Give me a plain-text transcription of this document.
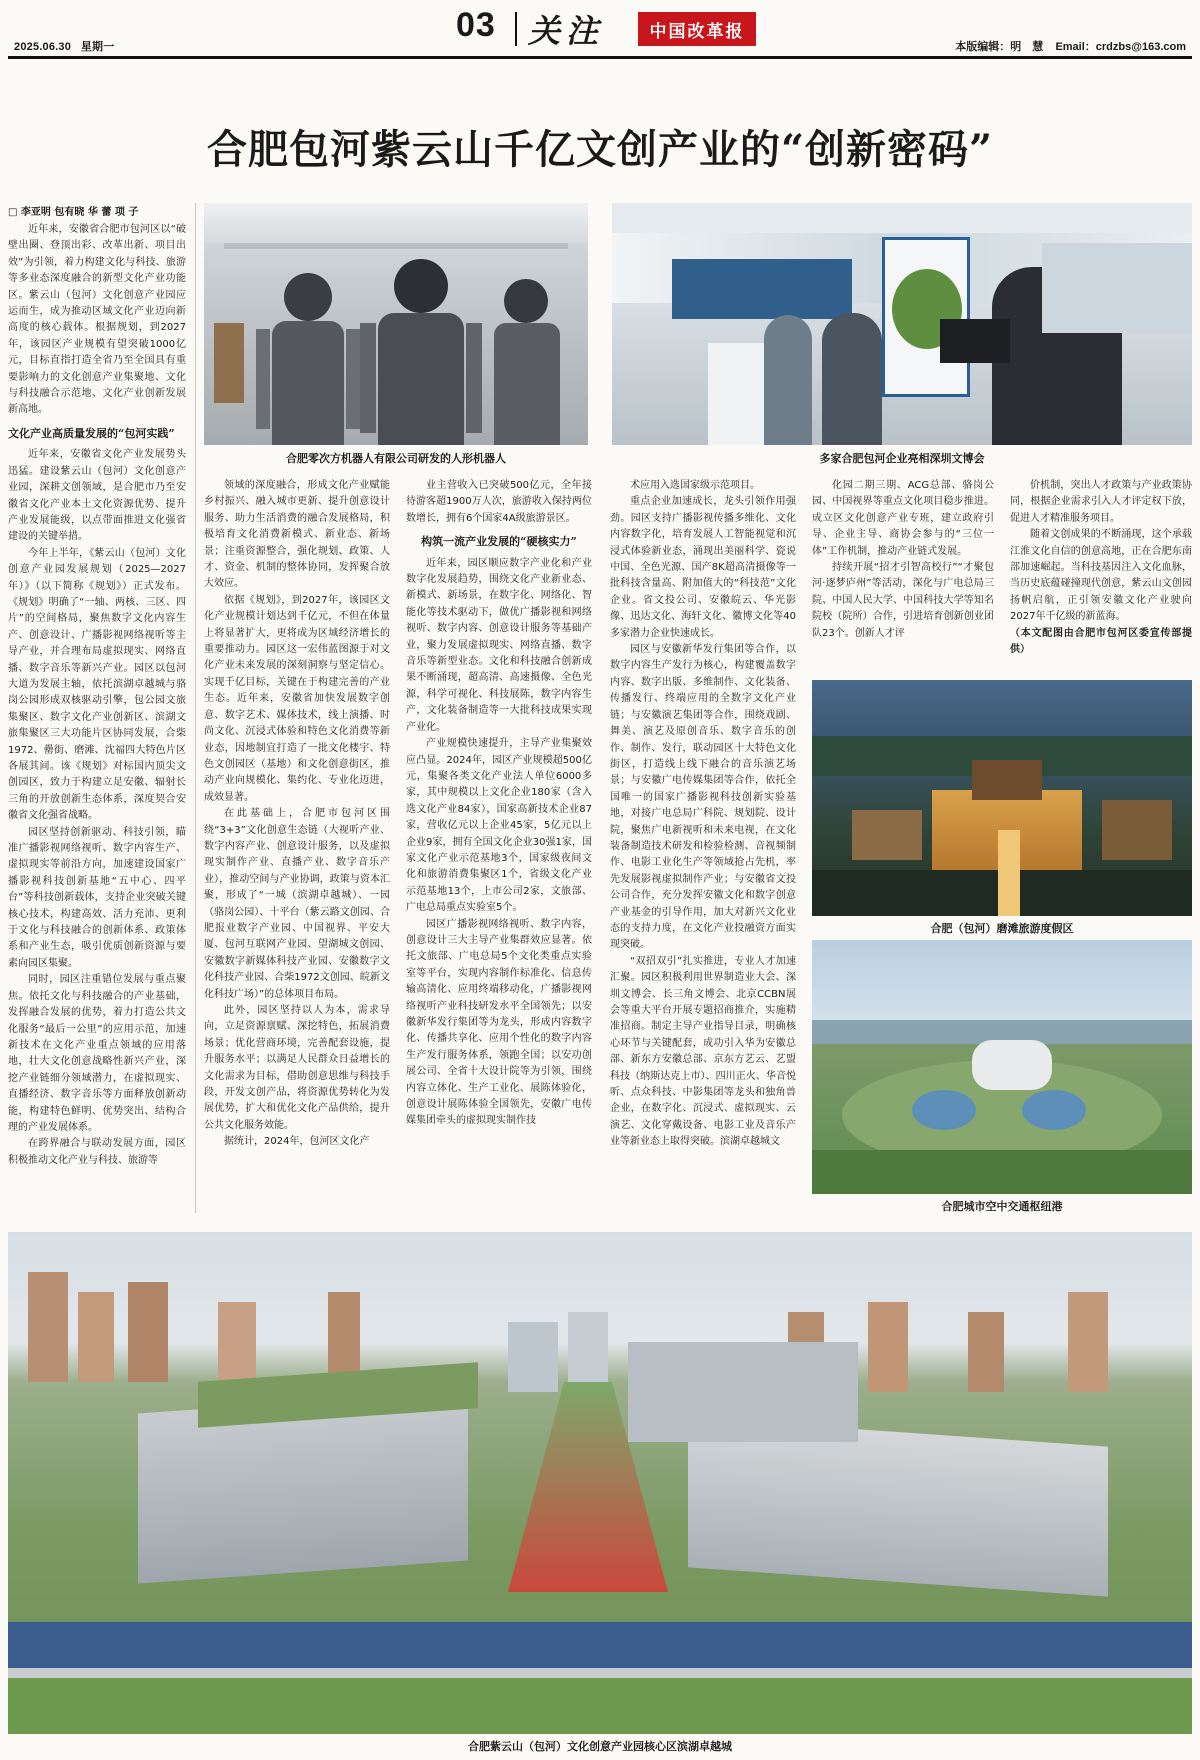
2025.06.30 星期一
03 关注	中国改革报
本版编辑：明　慧 Email：crdzbs@163.com
合肥包河紫云山千亿文创产业的“创新密码”
□ 李亚明 包有晓 华 蕾 项 子
合肥零次方机器人有限公司研发的人形机器人	多家合肥包河企业亮相深圳文博会

近年来，安徽省合肥市包河区以“破壁出圈、登顶出彩、改革出新、项目出效”为引领，着力构建文化与科技、旅游等多业态深度融合的新型文化产业功能区。紫云山（包河）文化创意产业园应运而生，成为推动区域文化产业迈向新高度的核心载体。根据规划，到2027年，该园区产业规模有望突破1000亿元，目标直指打造全省乃至全国具有重要影响力的文化创意产业集聚地、文化与科技融合示范地、文化产业创新发展新高地。

文化产业高质量发展的“包河实践”

近年来，安徽省文化产业发展势头迅猛。建设紫云山（包河）文化创意产业园，深耕文创领域，是合肥市乃至安徽省文化产业本土文化资源优势、提升产业发展能级，以点带面推进文化强省建设的关键举措。

今年上半年，《紫云山（包河）文化创意产业园发展规划（2025—2027年）》（以下简称《规划》）正式发布。《规划》明确了“一轴、两核、三区、四片”的空间格局，聚焦数字文化内容生产、创意设计、广播影视网络视听等主导产业，并合理布局虚拟现实、网络直播、数字音乐等新兴产业。园区以包河大道为发展主轴，依托滨湖卓越城与骆岗公园形成双核驱动引擎，包公园文旅集聚区、数字文化产业创新区、滨湖文旅集聚区三大功能片区协同发展，合柴1972、罍街、磨滩、沈福四大特色片区各展其间。该《规划》对标国内顶尖文创园区，致力于构建立足安徽、辐射长三角的开放创新生态体系，深度契合安徽省文化强省战略。

园区坚持创新驱动、科技引领，瞄准广播影视网络视听、数字内容生产、虚拟现实等前沿方向，加速建设国家广播影视科技创新基地“五中心、四平台”等科技创新载体，支持企业突破关键核心技术，构建高效、活力充沛、更利于文化与科技融合的创新体系、政策体系和产业生态，吸引优质创新资源与要素向园区集聚。

同时，园区注重错位发展与重点聚焦。依托文化与科技融合的产业基础，发挥融合发展的优势，着力打造公共文化服务“最后一公里”的应用示范，加速新技术在文化产业重点领域的应用落地，壮大文化创意战略性新兴产业，深挖产业链细分领域潜力，在虚拟现实、直播经济、数字音乐等方面释放创新动能，构建特色鲜明、优势突出、结构合理的产业发展体系。

在跨界融合与联动发展方面，园区积极推动文化产业与科技、旅游等

领域的深度融合，形成文化产业赋能乡村振兴、融入城市更新、提升创意设计服务、助力生活消费的融合发展格局，积极培育文化消费新模式、新业态、新场景；注重资源整合，强化规划、政策、人才、资金、机制的整体协同，发挥聚合放大效应。

依据《规划》，到2027年，该园区文化产业规模计划达到千亿元，不但在体量上将显著扩大，更将成为区域经济增长的重要推动力。园区这一宏伟蓝图源于对文化产业未来发展的深刻洞察与坚定信心。实现千亿目标，关键在于构建完善的产业生态。近年来，安徽省加快发展数字创意、数字艺术、媒体技术，线上演播、时尚文化、沉浸式体验和特色文化消费等新业态，因地制宜打造了一批文化楼宇、特色文创园区（基地）和文化创意街区，推动产业向规模化、集约化、专业化迈进，成效显著。

在此基础上，合肥市包河区围绕“3+3”文化创意生态链（大视听产业、数字内容产业、创意设计服务，以及虚拟现实制作产业、直播产业、数字音乐产业），推动空间与产业协调，政策与资本汇聚，形成了“一城（滨湖卓越城）、一园（骆岗公园）、十平台（紫云路文创园、合肥报业数字产业园、中国视界、平安大厦、包河互联网产业园、望湖城文创园、安徽数字新媒体科技产业园、安徽数字文化科技产业园、合柴1972文创园、皖新文化科技广场）”的总体项目布局。

此外，园区坚持以人为本，需求导向，立足资源禀赋、深挖特色，拓展消费场景；优化营商环境，完善配套设施，提升服务水平；以满足人民群众日益增长的文化需求为目标，借助创意思维与科技手段，开发文创产品，将资源优势转化为发展优势，扩大和优化文化产品供给，提升公共文化服务效能。

据统计，2024年，包河区文化产

业主营收入已突破500亿元，全年接待游客超1900万人次，旅游收入保持两位数增长，拥有6个国家4A级旅游景区。

构筑一流产业发展的“硬核实力”

近年来，园区顺应数字产业化和产业数字化发展趋势，围绕文化产业新业态、新模式、新场景，在数字化、网络化、智能化等技术驱动下，做优广播影视和网络视听、数字内容、创意设计服务等基础产业，聚力发展虚拟现实、网络直播、数字音乐等新型业态。文化和科技融合创新成果不断涌现，超高清、高速摄像、全色光源，科学可视化、科技展陈，数字内容生产，文化装备制造等一大批科技成果实现产业化。

产业规模快速提升，主导产业集聚效应凸显。2024年，园区产业规模超500亿元，集聚各类文化产业法人单位6000多家，其中规模以上文化企业180家（含入选文化产业84家），国家高新技术企业87家，营收亿元以上企业45家，5亿元以上企业9家，拥有全国文化企业30强1家，国家文化产业示范基地3个，国家级夜间文化和旅游消费集聚区1个，省级文化产业示范基地13个，上市公司2家，文旅部、广电总局重点实验室5个。

园区广播影视网络视听、数字内容，创意设计三大主导产业集群效应显著。依托文旅部、广电总局5个文化类重点实验室等平台，实现内容制作标准化、信息传输高清化、应用终端移动化，广播影视网络视听产业科技研发水平全国领先；以安徽新华发行集团等为龙头，形成内容数字化、传播共享化、应用个性化的数字内容生产发行服务体系，领跑全国；以安功创展公司、全省十大设计院等为引领，围绕内容立体化、生产工业化、展陈体验化，创意设计展陈体验全国领先，安徽广电传媒集团牵头的虚拟现实制作技

术应用入选国家级示范项目。

重点企业加速成长，龙头引领作用强劲。园区支持广播影视传播多维化、文化内容数字化，培育发展人工智能视觉和沉浸式体验新业态，涌现出美丽科学、瓷说中国、全色光源、国产8K超高清摄像等一批科技含量高、附加值大的“科技范”文化企业。省文投公司、安徽皖云、华光影像、迅达文化、海轩文化、徽博文化等40多家潜力企业快速成长。

园区与安徽新华发行集团等合作，以数字内容生产发行为核心，构建覆盖数字内容、数字出版、多维制作、文化装备、传播发行、终端应用的全数字文化产业链；与安徽演艺集团等合作，围绕戏剧、舞美、演艺及原创音乐、数字音乐的创作、制作、发行，联动园区十大特色文化街区，打造线上线下融合的音乐演艺场景；与安徽广电传媒集团等合作，依托全国唯一的国家广播影视科技创新实验基地，对接广电总局广科院、规划院、设计院，聚焦广电新视听和未来电视，在文化装备制造技术研发和检验检测、音视频制作、电影工业化生产等领域抢占先机，率先发展影视虚拟制作产业；与安徽省文投公司合作，充分发挥安徽文化和数字创意产业基金的引导作用，加大对新兴文化业态的支持力度，在文化产业投融资方面实现突破。

“双招双引”扎实推进，专业人才加速汇聚。园区积极利用世界制造业大会、深圳文博会、长三角文博会、北京CCBN展会等重大平台开展专题招商推介，实施精准招商。制定主导产业指导目录，明确核心环节与关键配套，成功引入华为安徽总部、新东方安徽总部、京东方艺云、艺盟科技（纳斯达克上市）、四川正火、华音悦听、点众科技、中影集团等龙头和独角兽企业，在数字化、沉浸式、虚拟现实、云演艺、文化穿戴设备、电影工业及音乐产业等新业态上取得突破。滨湖卓越城文

化园二期三期、ACG总部、骆岗公园、中国视界等重点文化项目稳步推进。成立区文化创意产业专班，建立政府引导、企业主导、商协会参与的“三位一体”工作机制，推动产业链式发展。

持续开展“招才引智高校行”“才聚包河·逐梦庐州”等活动，深化与广电总局三院、中国人民大学、中国科技大学等知名院校（院所）合作，引进培育创新创业团队23个。创新人才评

价机制，突出人才政策与产业政策协同，根据企业需求引入人才评定权下放，促进人才精准服务项目。

随着文创成果的不断涌现，这个承载江淮文化自信的创意高地，正在合肥东南部加速崛起。当科技基因注入文化血脉，当历史底蕴碰撞现代创意，紫云山文创园扬帆启航，正引领安徽文化产业驶向2027年千亿级的新蓝海。

（本文配图由合肥市包河区委宣传部提供）

合肥（包河）磨滩旅游度假区
合肥城市空中交通枢纽港
合肥紫云山（包河）文化创意产业园核心区滨湖卓越城
